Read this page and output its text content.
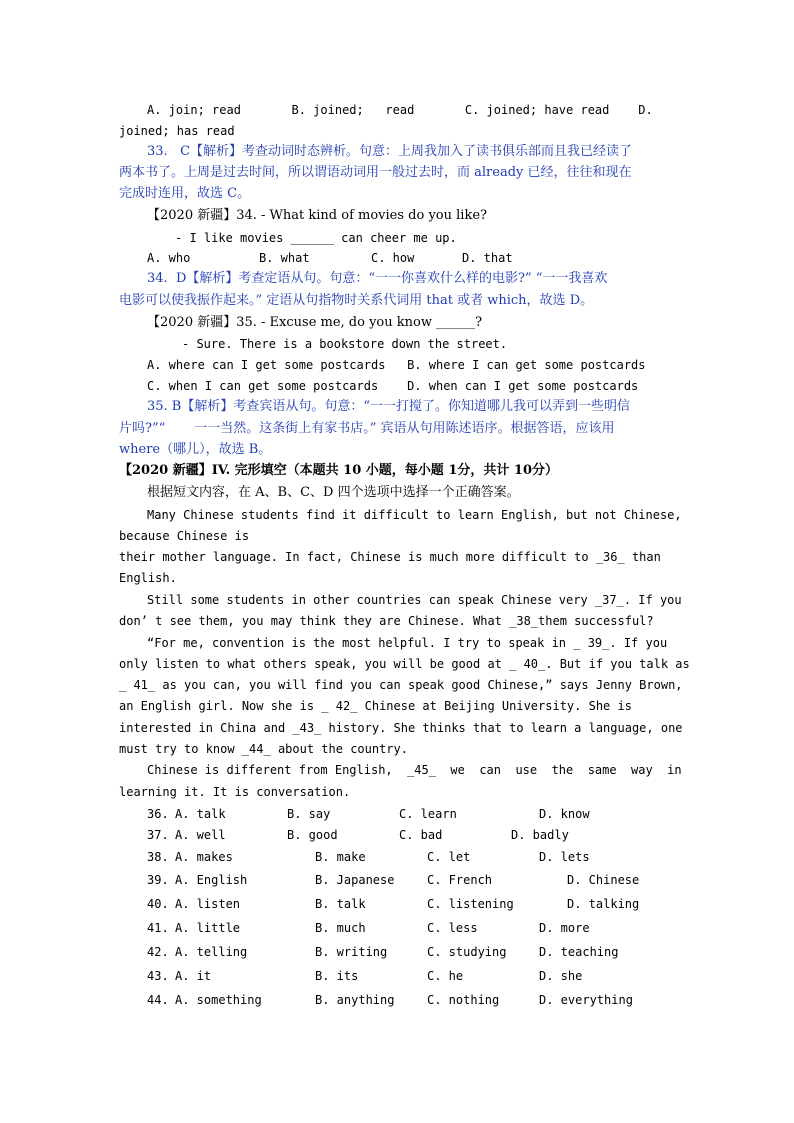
A. join; read       B. joined;   read       C. joined; have read    D.
joined; has read
33.   C【解析】考查动词时态辨析。句意：上周我加入了读书俱乐部而且我已经读了
两本书了。上周是过去时间，所以谓语动词用一般过去时，而 already 已经，往往和现在
完成时连用，故选 C。
【2020 新疆】34. - What kind of movies do you like?
- I like movies ______ can cheer me up.
A. who	B. what	C. how	D. that
34.  D【解析】考查定语从句。句意：“一一你喜欢什么样的电影?” “一一我喜欢
电影可以使我振作起来。” 定语从句指物时关系代词用 that 或者 which，故选 D。
【2020 新疆】35. - Excuse me, do you know ______?
- Sure. There is a bookstore down the street.
A. where can I get some postcards   B. where I can get some postcards
C. when I can get some postcards    D. when can I get some postcards
35. B【解析】考查宾语从句。句意：“一一打搅了。你知道哪儿我可以弄到一些明信
片吗?”“       一一当然。这条街上有家书店。” 宾语从句用陈述语序。根据答语，应该用
where（哪儿），故选 B。
【2020 新疆】IV. 完形填空（本题共 10 小题，每小题 1分，共计 10分）
根据短文内容，在 A、B、C、D 四个选项中选择一个正确答案。
Many Chinese students find it difficult to learn English, but not Chinese,
because Chinese is
their mother language. In fact, Chinese is much more difficult to _36_ than
English.
Still some students in other countries can speak Chinese very _37_. If you
don’ t see them, you may think they are Chinese. What _38_them successful?
“For me, convention is the most helpful. I try to speak in _ 39_. If you
only listen to what others speak, you will be good at _ 40_. But if you talk as
_ 41_ as you can, you will find you can speak good Chinese,” says Jenny Brown,
an English girl. Now she is _ 42_ Chinese at Beijing University. She is
interested in China and _43_ history. She thinks that to learn a language, one
must try to know _44_ about the country.
Chinese is different from English,  _45_  we  can  use  the  same  way  in
learning it. It is conversation.
36. A. talk	B. say	C. learn	D. know
37. A. well	B. good	C. bad	D. badly
38. A. makes	B. make	C. let	D. lets
39. A. English	B. Japanese	C. French	D. Chinese
40. A. listen	B. talk	C. listening	D. talking
41. A. little	B. much	C. less	D. more
42. A. telling	B. writing	C. studying	D. teaching
43. A. it	B. its	C. he	D. she
44. A. something	B. anything	C. nothing	D. everything
